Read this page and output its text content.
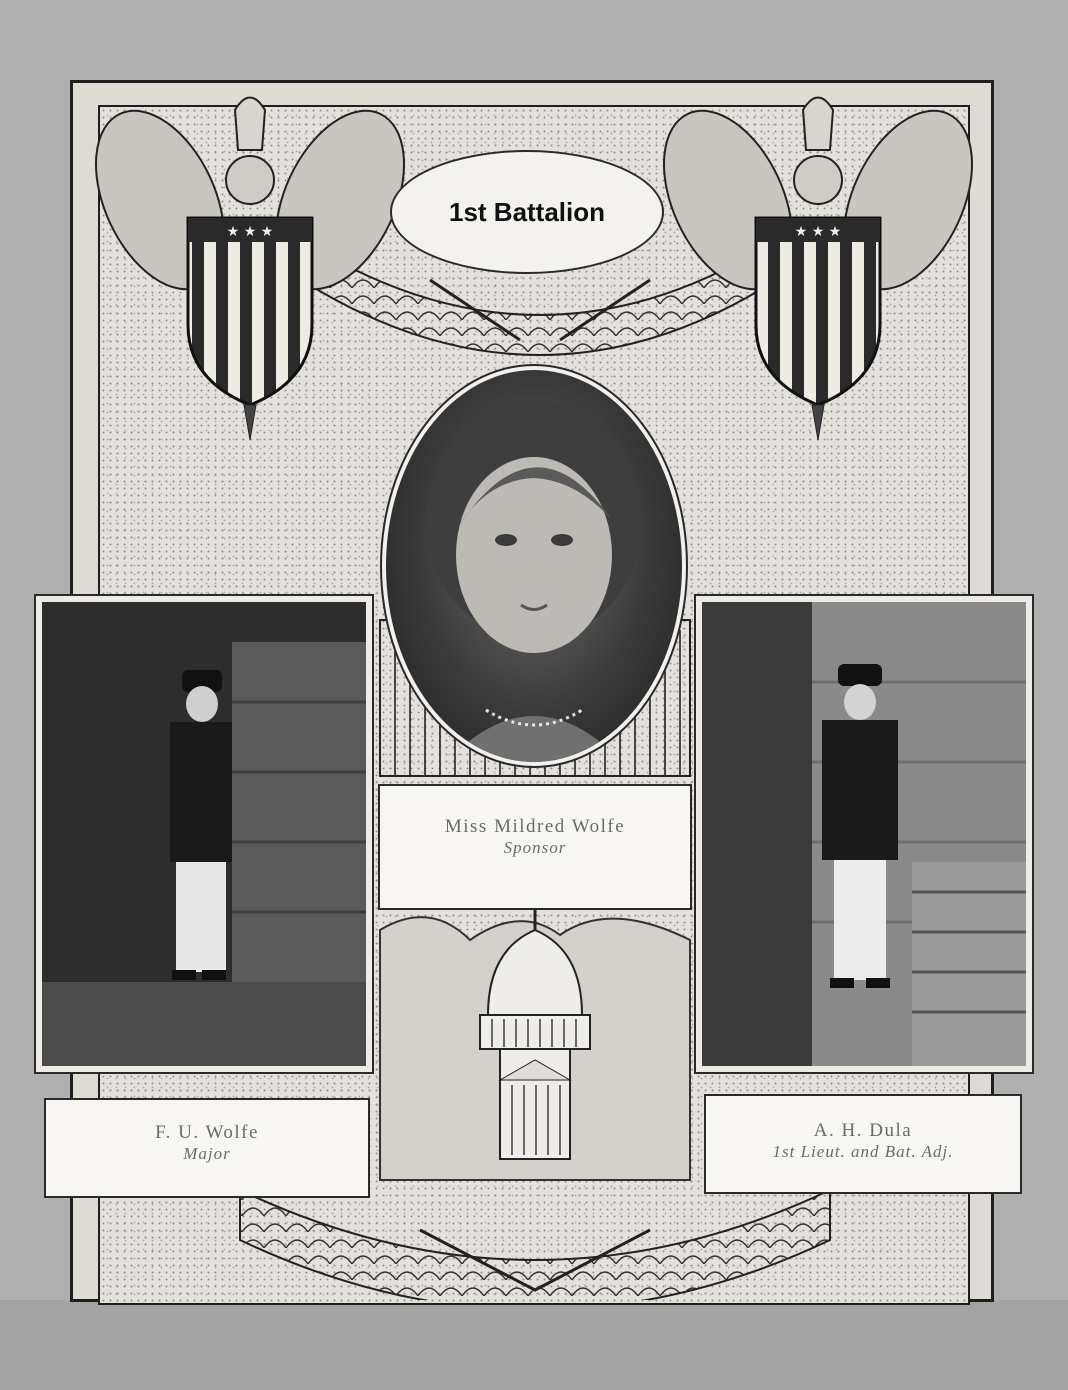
★ ★ ★	★ ★ ★
1st Battalion
Miss Mildred Wolfe
Sponsor
F. U. Wolfe
Major
A. H. Dula
1st Lieut. and Bat. Adj.
